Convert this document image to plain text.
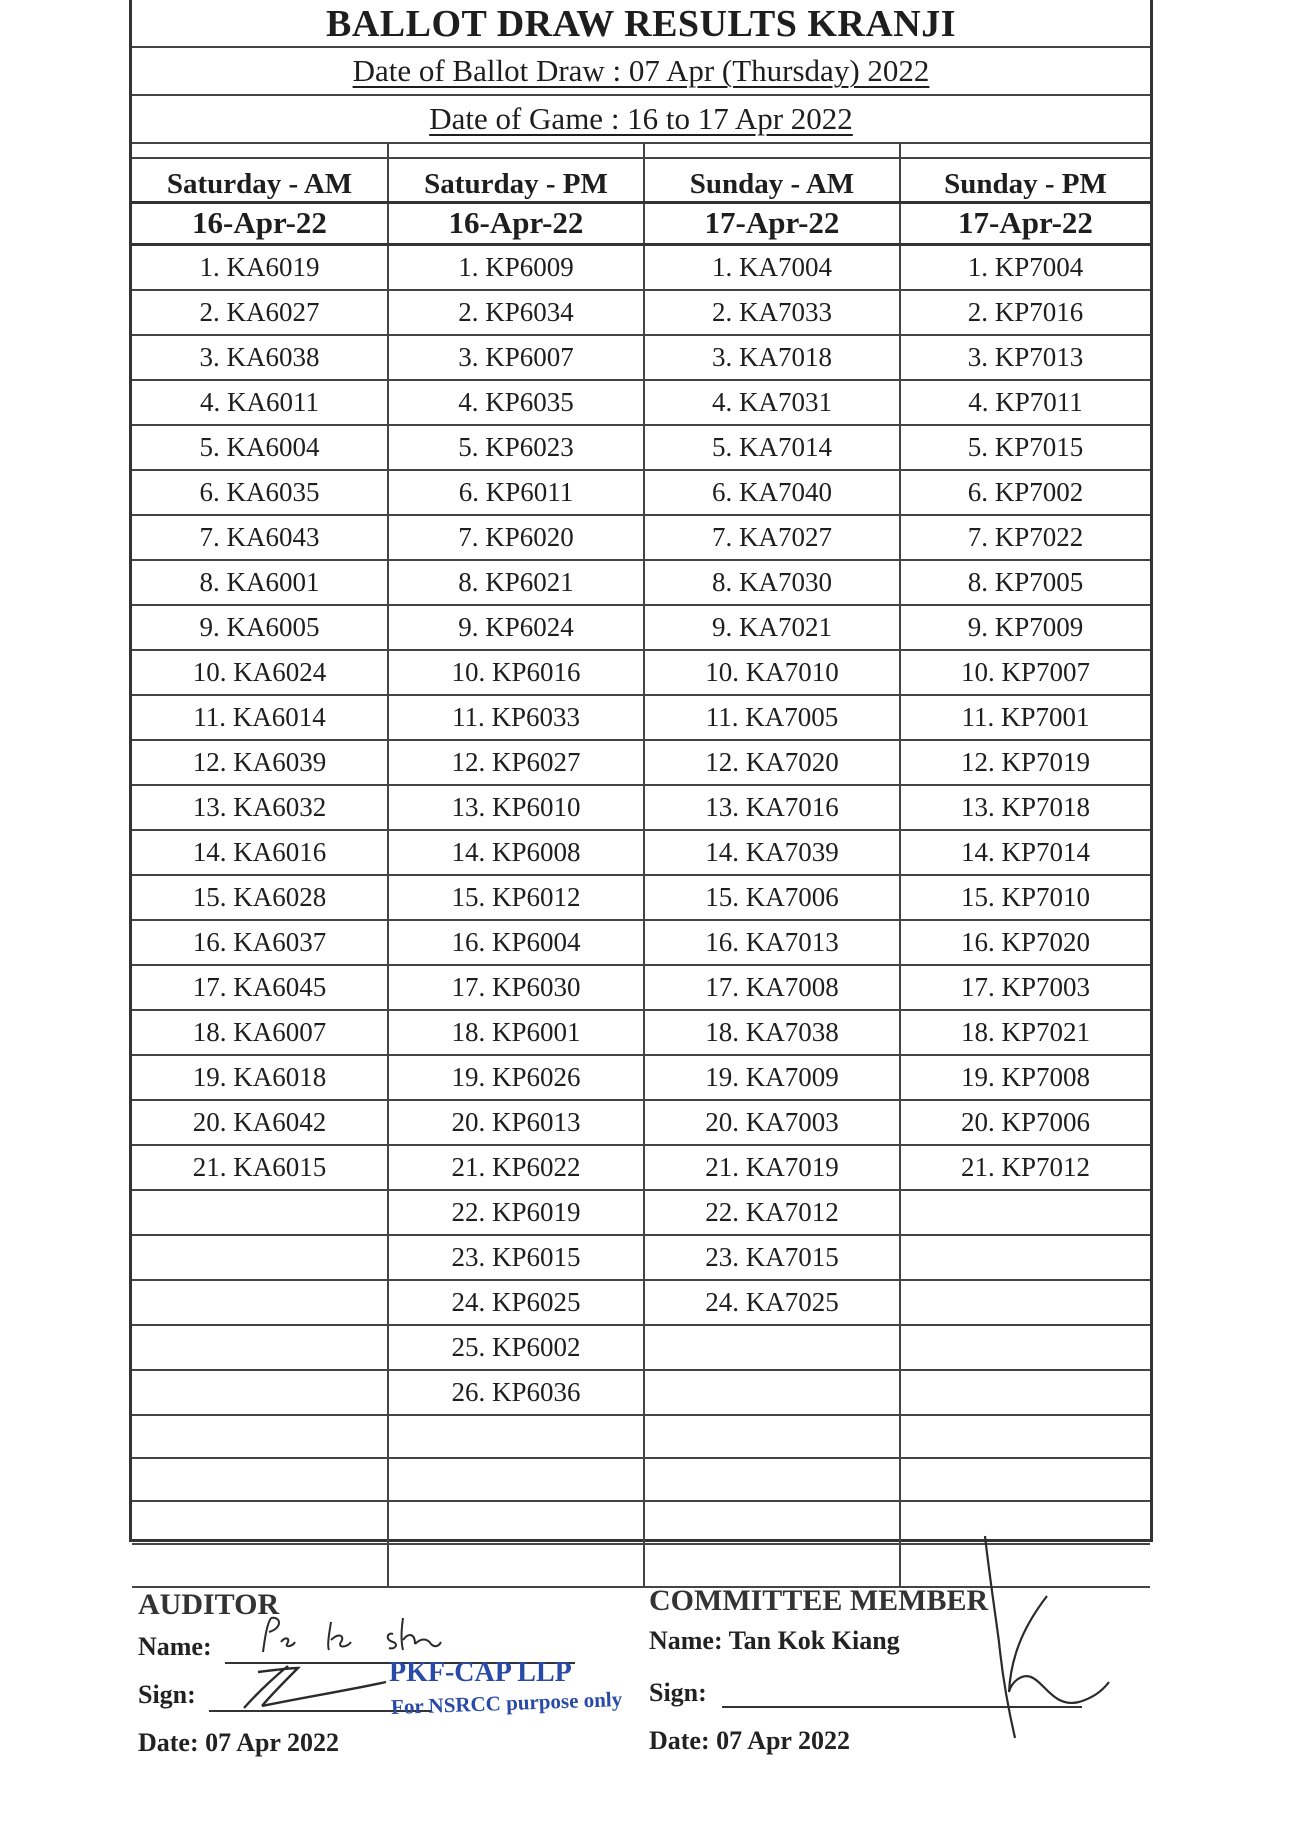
BALLOT DRAW RESULTS KRANJI
Date of Ballot Draw : 07 Apr (Thursday) 2022
Date of Game : 16 to 17 Apr 2022

Saturday - AM	Saturday - PM	Sunday - AM	Sunday - PM
16-Apr-22	16-Apr-22	17-Apr-22	17-Apr-22
1. KA6019	1. KP6009	1. KA7004	1. KP7004
2. KA6027	2. KP6034	2. KA7033	2. KP7016
3. KA6038	3. KP6007	3. KA7018	3. KP7013
4. KA6011	4. KP6035	4. KA7031	4. KP7011
5. KA6004	5. KP6023	5. KA7014	5. KP7015
6. KA6035	6. KP6011	6. KA7040	6. KP7002
7. KA6043	7. KP6020	7. KA7027	7. KP7022
8. KA6001	8. KP6021	8. KA7030	8. KP7005
9. KA6005	9. KP6024	9. KA7021	9. KP7009
10. KA6024	10. KP6016	10. KA7010	10. KP7007
11. KA6014	11. KP6033	11. KA7005	11. KP7001
12. KA6039	12. KP6027	12. KA7020	12. KP7019
13. KA6032	13. KP6010	13. KA7016	13. KP7018
14. KA6016	14. KP6008	14. KA7039	14. KP7014
15. KA6028	15. KP6012	15. KA7006	15. KP7010
16. KA6037	16. KP6004	16. KA7013	16. KP7020
17. KA6045	17. KP6030	17. KA7008	17. KP7003
18. KA6007	18. KP6001	18. KA7038	18. KP7021
19. KA6018	19. KP6026	19. KA7009	19. KP7008
20. KA6042	20. KP6013	20. KA7003	20. KP7006
21. KA6015	21. KP6022	21. KA7019	21. KP7012
	22. KP6019	22. KA7012	
	23. KP6015	23. KA7015	
	24. KP6025	24. KA7025	
	25. KP6002		
	26. KP6036		

AUDITOR
Name:
Sign:
PKF-CAP LLP
For NSRCC purpose only
Date: 07 Apr 2022
COMMITTEE MEMBER
Name: Tan Kok Kiang
Sign:
Date: 07 Apr 2022
